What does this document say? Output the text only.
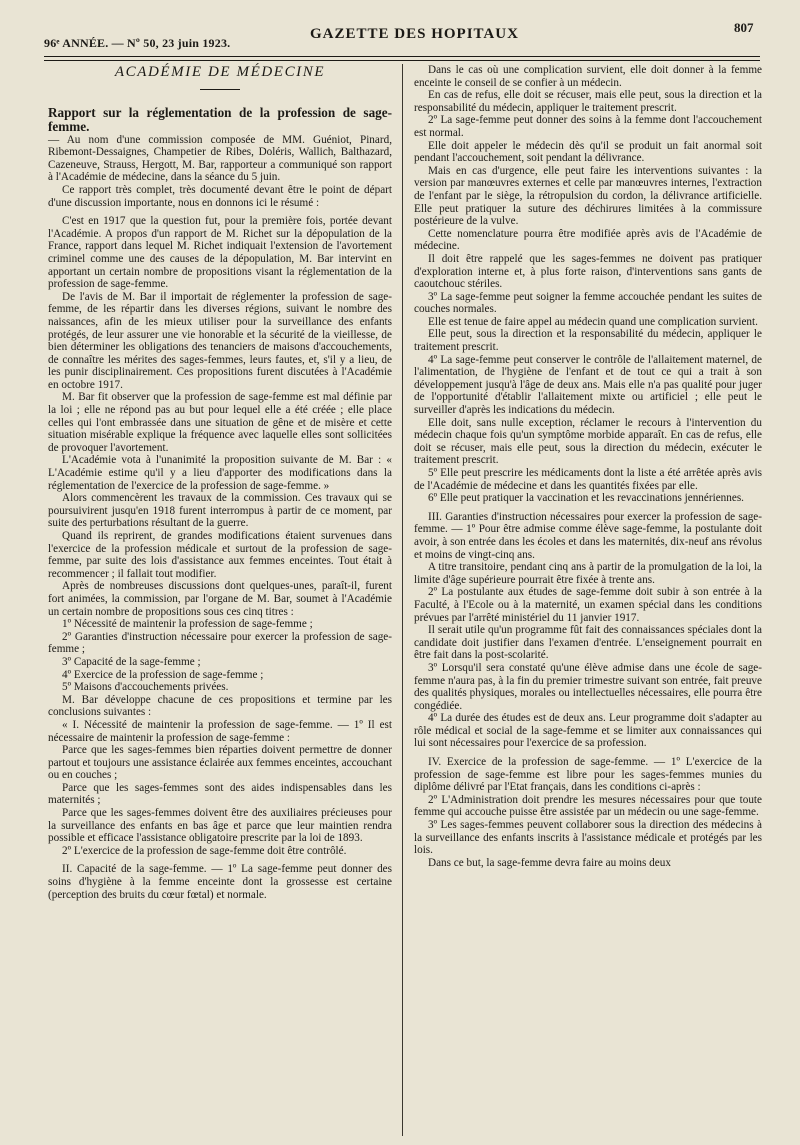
96ᵉ ANNÉE. — Nº 50, 23 juin 1923.
GAZETTE DES HOPITAUX	807

ACADÉMIE DE MÉDECINE

Rapport sur la réglementation de la profession de sage-femme.

— Au nom d'une commission composée de MM. Guéniot, Pinard, Ribemont-Dessaignes, Champetier de Ribes, Doléris, Wallich, Balthazard, Cazeneuve, Strauss, Hergott, M. Bar, rapporteur a communiqué son rapport à l'Académie de médecine, dans la séance du 5 juin.

Ce rapport très complet, très documenté devant être le point de départ d'une discussion importante, nous en donnons ici le résumé :

C'est en 1917 que la question fut, pour la première fois, portée devant l'Académie. A propos d'un rapport de M. Richet sur la dépopulation de la France, rapport dans lequel M. Richet indiquait l'extension de l'avortement criminel comme une des causes de la dépopulation, M. Bar intervint en apportant un certain nombre de propositions visant la réglementation de la profession de sage-femme.

De l'avis de M. Bar il importait de réglementer la profession de sage-femme, de les répartir dans les diverses régions, suivant le nombre des naissances, afin de les mieux utiliser pour la surveillance des enfants protégés, de leur assurer une vie honorable et la sécurité de la vieillesse, de bien déterminer les obligations des tenanciers de maisons d'accouchements, de connaître les mérites des sages-femmes, leurs fautes, et, s'il y a lieu, de les punir disciplinairement. Ces propositions furent discutées à l'Académie en octobre 1917.

M. Bar fit observer que la profession de sage-femme est mal définie par la loi ; elle ne répond pas au but pour lequel elle a été créée ; elle place celles qui l'ont embrassée dans une situation de gêne et de misère et cette situation misérable explique la fréquence avec laquelle elles sont sollicitées de provoquer l'avortement.

L'Académie vota à l'unanimité la proposition suivante de M. Bar : « L'Académie estime qu'il y a lieu d'apporter des modifications dans la réglementation de l'exercice de la profession de sage-femme. »

Alors commencèrent les travaux de la commission. Ces travaux qui se poursuivirent jusqu'en 1918 furent interrompus à partir de ce moment, par suite des perturbations résultant de la guerre.

Quand ils reprirent, de grandes modifications étaient survenues dans l'exercice de la profession médicale et surtout de la profession de sage-femme, par suite des lois d'assistance aux femmes enceintes. Tout était à recommencer ; il fallait tout modifier.

Après de nombreuses discussions dont quelques-unes, paraît-il, furent fort animées, la commission, par l'organe de M. Bar, soumet à l'Académie un certain nombre de propositions sous ces cinq titres :

1º Nécessité de maintenir la profession de sage-femme ;

2º Garanties d'instruction nécessaire pour exercer la profession de sage-femme ;

3º Capacité de la sage-femme ;

4º Exercice de la profession de sage-femme ;

5º Maisons d'accouchements privées.

M. Bar développe chacune de ces propositions et termine par les conclusions suivantes :

« I. Nécessité de maintenir la profession de sage-femme. — 1º Il est nécessaire de maintenir la profession de sage-femme :

Parce que les sages-femmes bien réparties doivent permettre de donner partout et toujours une assistance éclairée aux femmes enceintes, accouchant ou en couches ;

Parce que les sages-femmes sont des aides indispensables dans les maternités ;

Parce que les sages-femmes doivent être des auxiliaires précieuses pour la surveillance des enfants en bas âge et parce que leur maintien rendra possible et efficace l'assistance obligatoire prescrite par la loi de 1893.

2º L'exercice de la profession de sage-femme doit être contrôlé.

II. Capacité de la sage-femme. — 1º La sage-femme peut donner des soins d'hygiène à la femme enceinte dont la grossesse est certaine (perception des bruits du cœur fœtal) et normale.

Dans le cas où une complication survient, elle doit donner à la femme enceinte le conseil de se confier à un médecin.

En cas de refus, elle doit se récuser, mais elle peut, sous la direction et la responsabilité du médecin, appliquer le traitement prescrit.

2º La sage-femme peut donner des soins à la femme dont l'accouchement est normal.

Elle doit appeler le médecin dès qu'il se produit un fait anormal soit pendant l'accouchement, soit pendant la délivrance.

Mais en cas d'urgence, elle peut faire les interventions suivantes : la version par manœuvres externes et celle par manœuvres internes, l'extraction de l'enfant par le siège, la rétropulsion du cordon, la délivrance artificielle. Elle peut pratiquer la suture des déchirures limitées à la commissure postérieure de la vulve.

Cette nomenclature pourra être modifiée après avis de l'Académie de médecine.

Il doit être rappelé que les sages-femmes ne doivent pas pratiquer d'exploration interne et, à plus forte raison, d'interventions sans gants de caoutchouc stériles.

3º La sage-femme peut soigner la femme accouchée pendant les suites de couches normales.

Elle est tenue de faire appel au médecin quand une complication survient.

Elle peut, sous la direction et la responsabilité du médecin, appliquer le traitement prescrit.

4º La sage-femme peut conserver le contrôle de l'allaitement maternel, de l'alimentation, de l'hygiène de l'enfant et de tout ce qui a trait à son développement jusqu'à l'âge de deux ans. Mais elle n'a pas qualité pour juger de l'opportunité d'établir l'allaitement mixte ou artificiel ; elle peut le surveiller d'après les indications du médecin.

Elle doit, sans nulle exception, réclamer le recours à l'intervention du médecin chaque fois qu'un symptôme morbide apparaît. En cas de refus, elle doit se récuser, mais elle peut, sous la direction du médecin, exécuter le traitement prescrit.

5º Elle peut prescrire les médicaments dont la liste a été arrêtée après avis de l'Académie de médecine et dans les quantités fixées par elle.

6º Elle peut pratiquer la vaccination et les revaccinations jennériennes.

III. Garanties d'instruction nécessaires pour exercer la profession de sage-femme. — 1º Pour être admise comme élève sage-femme, la postulante doit avoir, à son entrée dans les écoles et dans les maternités, dix-neuf ans révolus et moins de vingt-cinq ans.

A titre transitoire, pendant cinq ans à partir de la promulgation de la loi, la limite d'âge supérieure pourrait être fixée à trente ans.

2º La postulante aux études de sage-femme doit subir à son entrée à la Faculté, à l'Ecole ou à la maternité, un examen spécial dans les conditions prévues par l'arrêté ministériel du 11 janvier 1917.

Il serait utile qu'un programme fût fait des connaissances spéciales dont la candidate doit justifier dans l'examen d'entrée. L'enseignement pourrait en être fait dans la post-scolarité.

3º Lorsqu'il sera constaté qu'une élève admise dans une école de sage-femme n'aura pas, à la fin du premier trimestre suivant son entrée, fait preuve des qualités physiques, morales ou intellectuelles nécessaires, elle pourra être congédiée.

4º La durée des études est de deux ans. Leur programme doit s'adapter au rôle médical et social de la sage-femme et se limiter aux connaissances qui lui sont nécessaires pour l'exercice de sa profession.

IV. Exercice de la profession de sage-femme. — 1º L'exercice de la profession de sage-femme est libre pour les sages-femmes munies du diplôme délivré par l'Etat français, dans les conditions ci-après :

2º L'Administration doit prendre les mesures nécessaires pour que toute femme qui accouche puisse être assistée par un médecin ou une sage-femme.

3º Les sages-femmes peuvent collaborer sous la direction des médecins à la surveillance des enfants inscrits à l'assistance médicale et protégés par les lois.

Dans ce but, la sage-femme devra faire au moins deux
